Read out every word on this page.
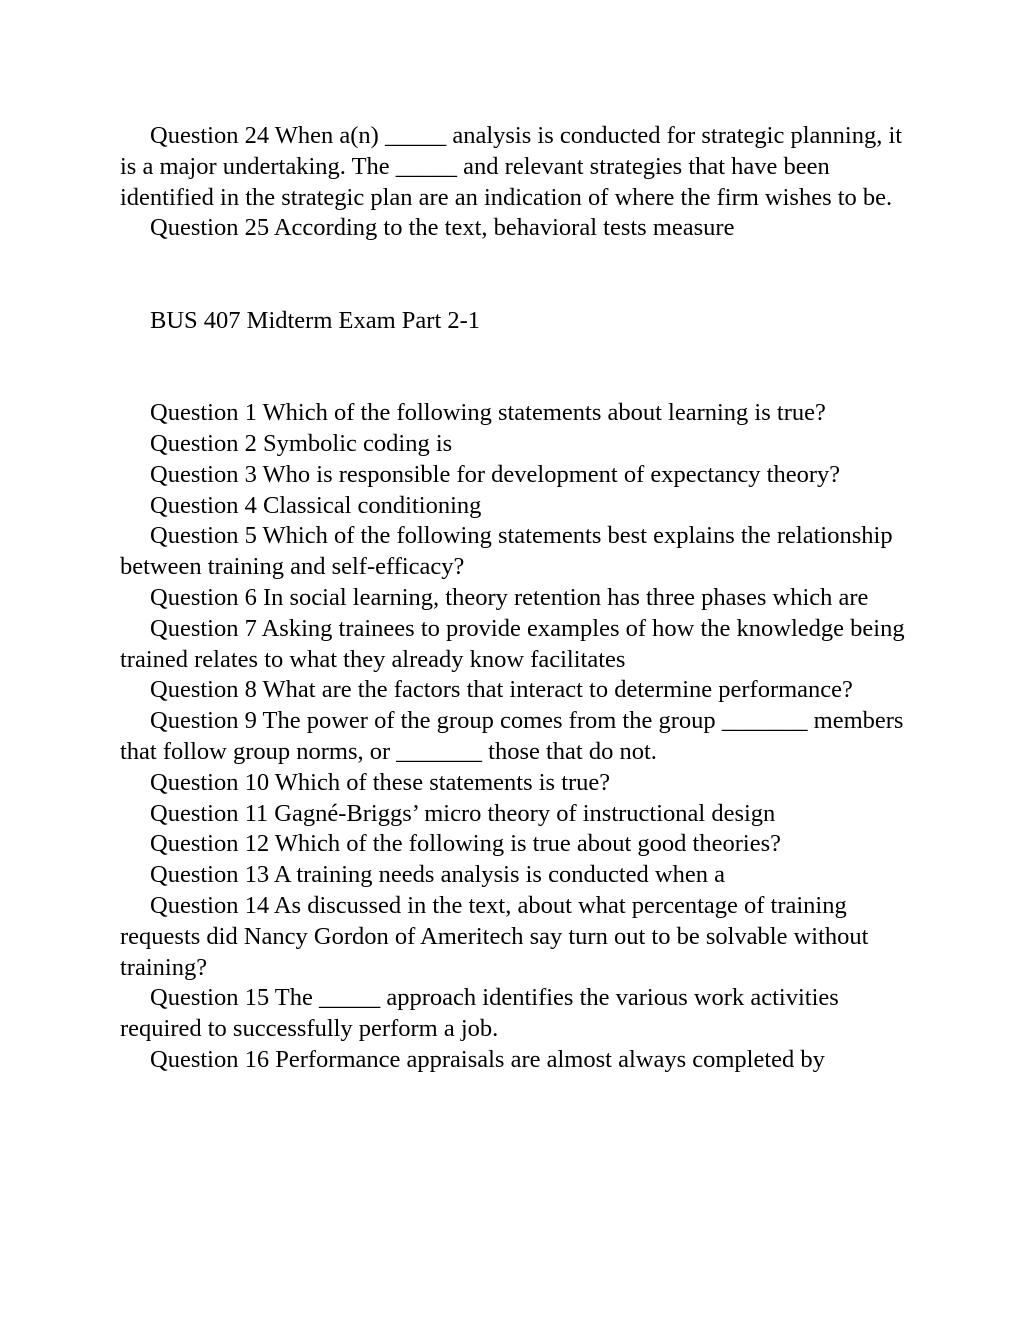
Question 24 When a(n) _____ analysis is conducted for strategic planning, it is a major undertaking. The _____ and relevant strategies that have been identified in the strategic plan are an indication of where the firm wishes to be.

Question 25 According to the text, behavioral tests measure

BUS 407 Midterm Exam Part 2-1

Question 1 Which of the following statements about learning is true?

Question 2 Symbolic coding is

Question 3 Who is responsible for development of expectancy theory?

Question 4 Classical conditioning

Question 5 Which of the following statements best explains the relationship between training and self-efficacy?

Question 6 In social learning, theory retention has three phases which are

Question 7 Asking trainees to provide examples of how the knowledge being trained relates to what they already know facilitates

Question 8 What are the factors that interact to determine performance?

Question 9 The power of the group comes from the group _______ members that follow group norms, or _______ those that do not.

Question 10 Which of these statements is true?

Question 11 Gagné-Briggs’ micro theory of instructional design

Question 12 Which of the following is true about good theories?

Question 13 A training needs analysis is conducted when a

Question 14 As discussed in the text, about what percentage of training requests did Nancy Gordon of Ameritech say turn out to be solvable without training?

Question 15 The _____ approach identifies the various work activities required to successfully perform a job.

Question 16 Performance appraisals are almost always completed by
